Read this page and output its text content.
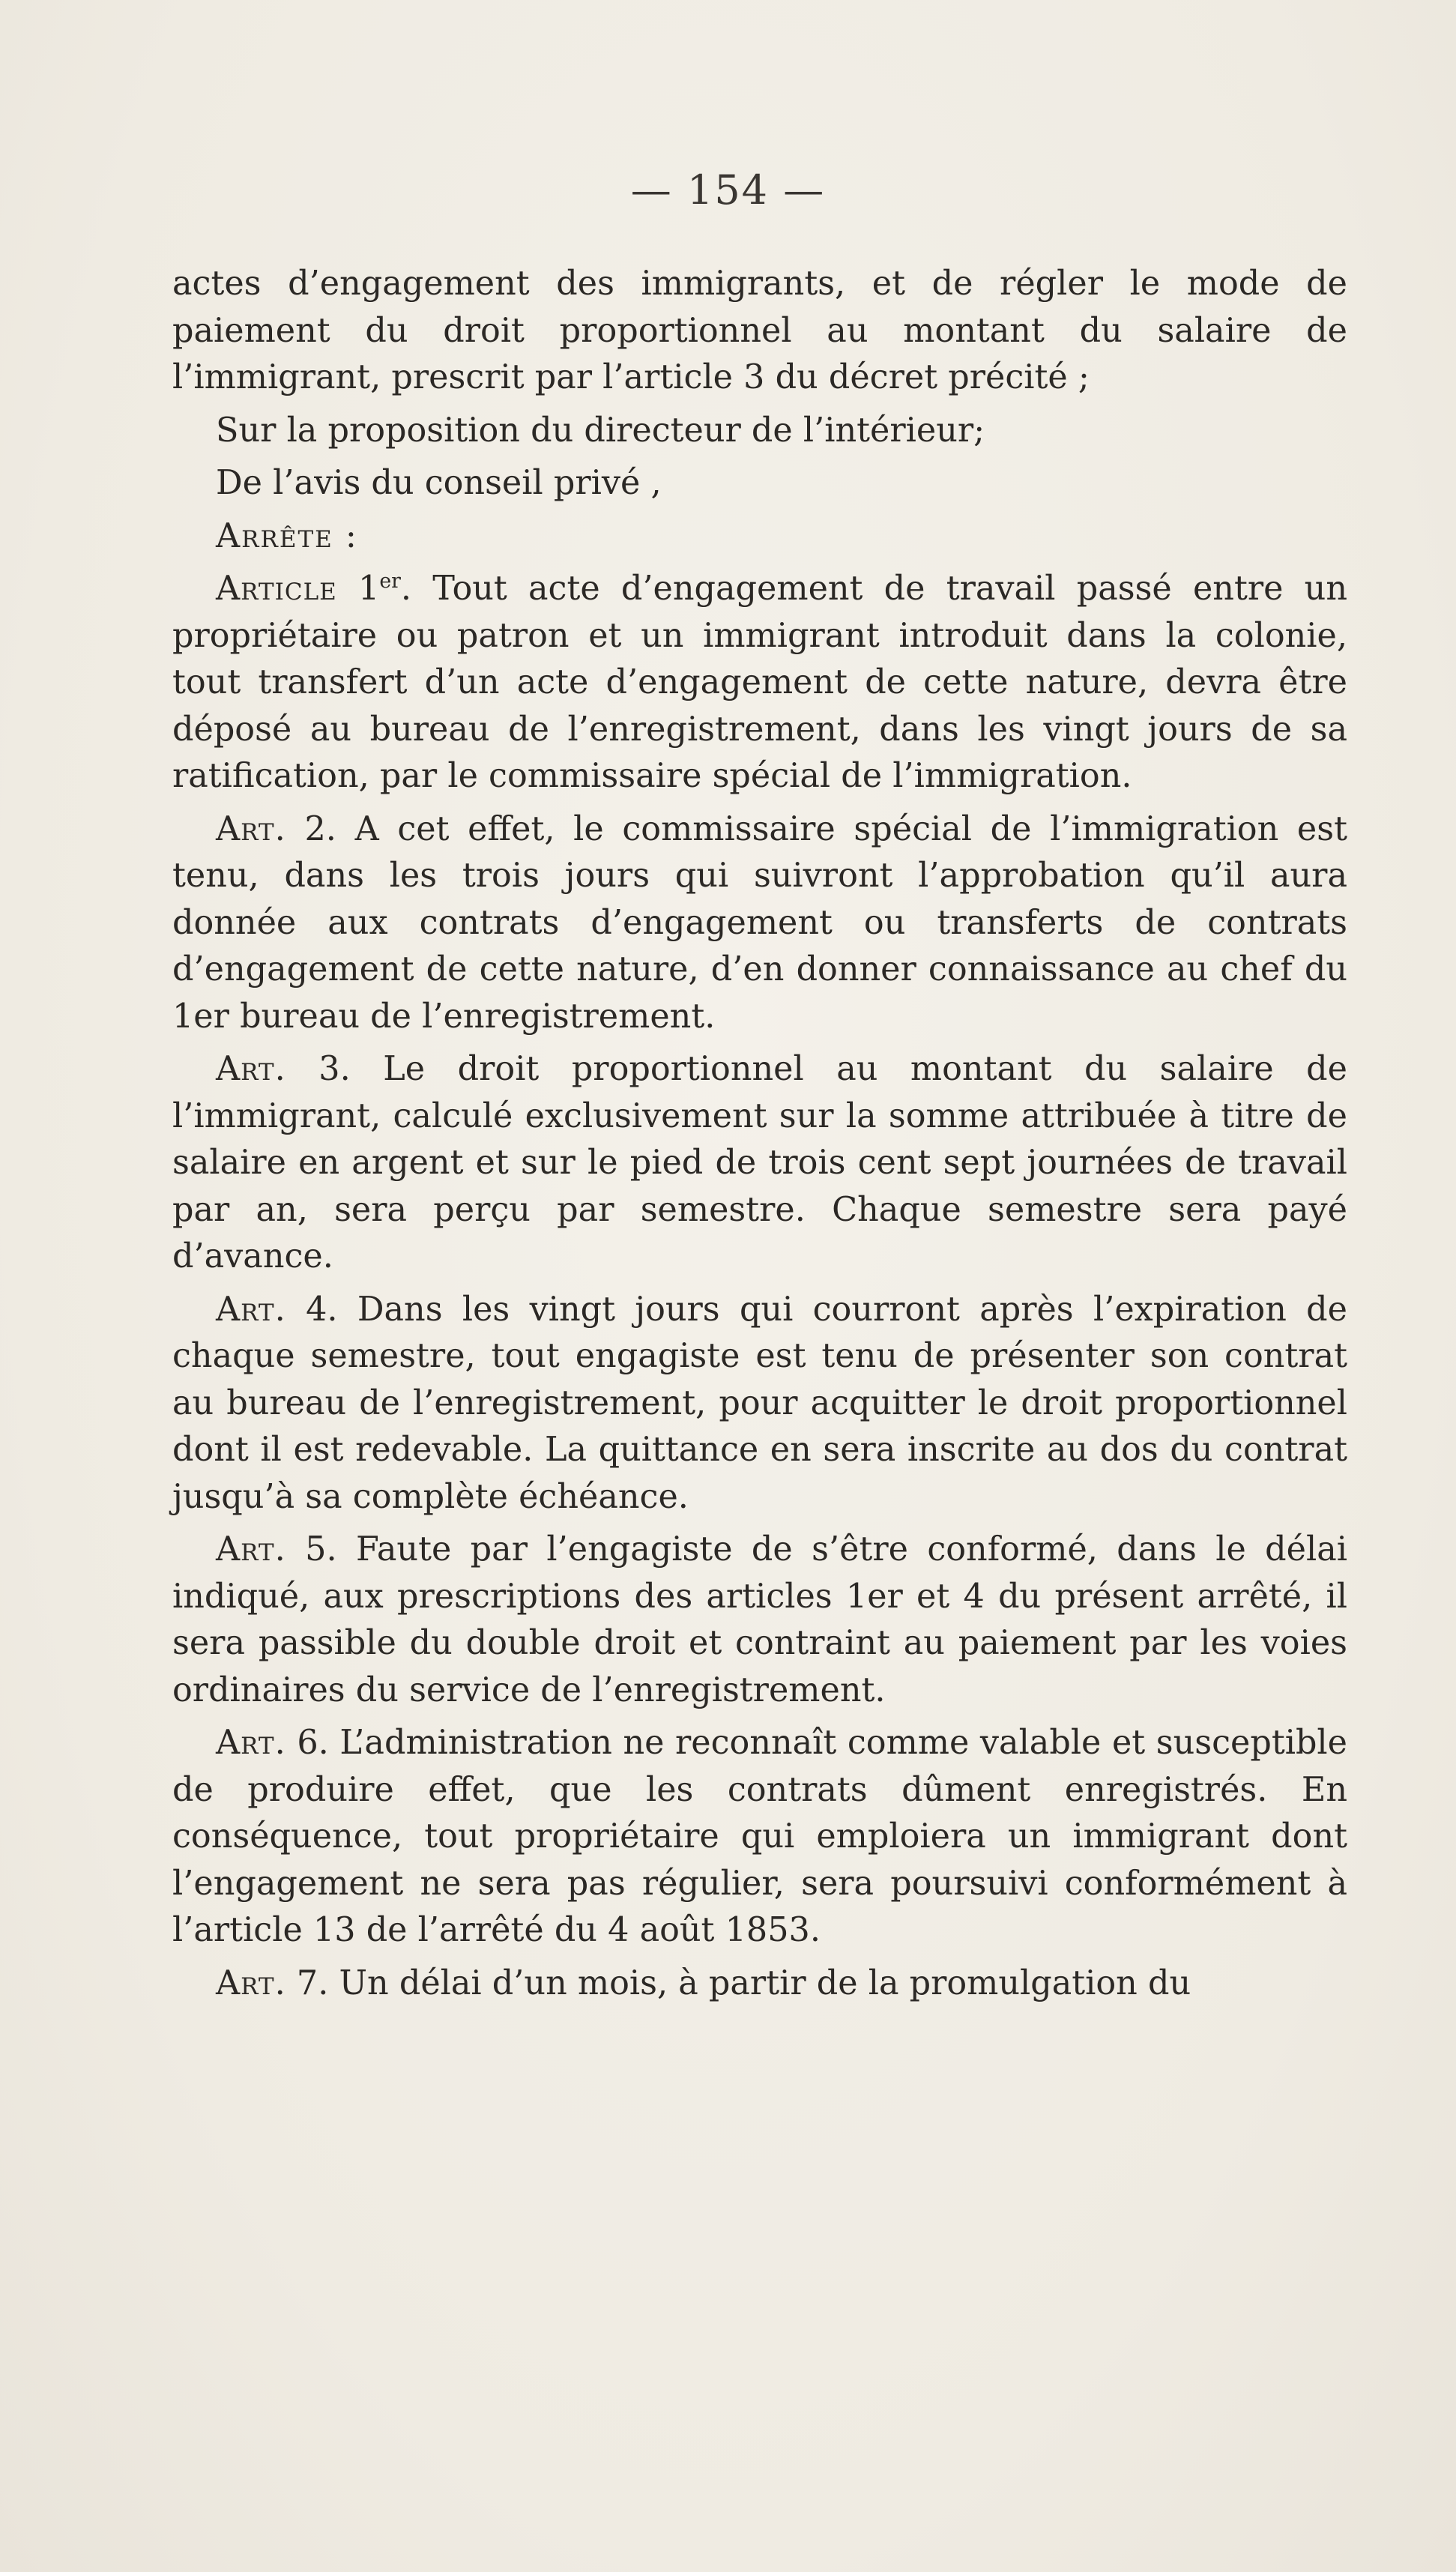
— 154 —

actes d’engagement des immigrants, et de régler le mode de paiement du droit proportionnel au montant du salaire de l’immigrant, prescrit par l’article 3 du décret précité ;

Sur la proposition du directeur de l’intérieur;

De l’avis du conseil privé ,

Arrête :

Article 1er. Tout acte d’engagement de travail passé entre un propriétaire ou patron et un immigrant introduit dans la colonie, tout transfert d’un acte d’engagement de cette nature, devra être déposé au bureau de l’enregistrement, dans les vingt jours de sa ratification, par le commissaire spécial de l’immigration.

Art. 2. A cet effet, le commissaire spécial de l’immigration est tenu, dans les trois jours qui suivront l’approbation qu’il aura donnée aux contrats d’engagement ou transferts de contrats d’engagement de cette nature, d’en donner connaissance au chef du 1er bureau de l’enregistrement.

Art. 3. Le droit proportionnel au montant du salaire de l’immigrant, calculé exclusivement sur la somme attribuée à titre de salaire en argent et sur le pied de trois cent sept journées de travail par an, sera perçu par semestre. Chaque semestre sera payé d’avance.

Art. 4. Dans les vingt jours qui courront après l’expiration de chaque semestre, tout engagiste est tenu de présenter son contrat au bureau de l’enregistrement, pour acquitter le droit proportionnel dont il est redevable. La quittance en sera inscrite au dos du contrat jusqu’à sa complète échéance.

Art. 5. Faute par l’engagiste de s’être conformé, dans le délai indiqué, aux prescriptions des articles 1er et 4 du présent arrêté, il sera passible du double droit et contraint au paiement par les voies ordinaires du service de l’enregistrement.

Art. 6. L’administration ne reconnaît comme valable et susceptible de produire effet, que les contrats dûment enregistrés. En conséquence, tout propriétaire qui emploiera un immigrant dont l’engagement ne sera pas régulier, sera poursuivi conformément à l’article 13 de l’arrêté du 4 août 1853.

Art. 7. Un délai d’un mois, à partir de la promulgation du
